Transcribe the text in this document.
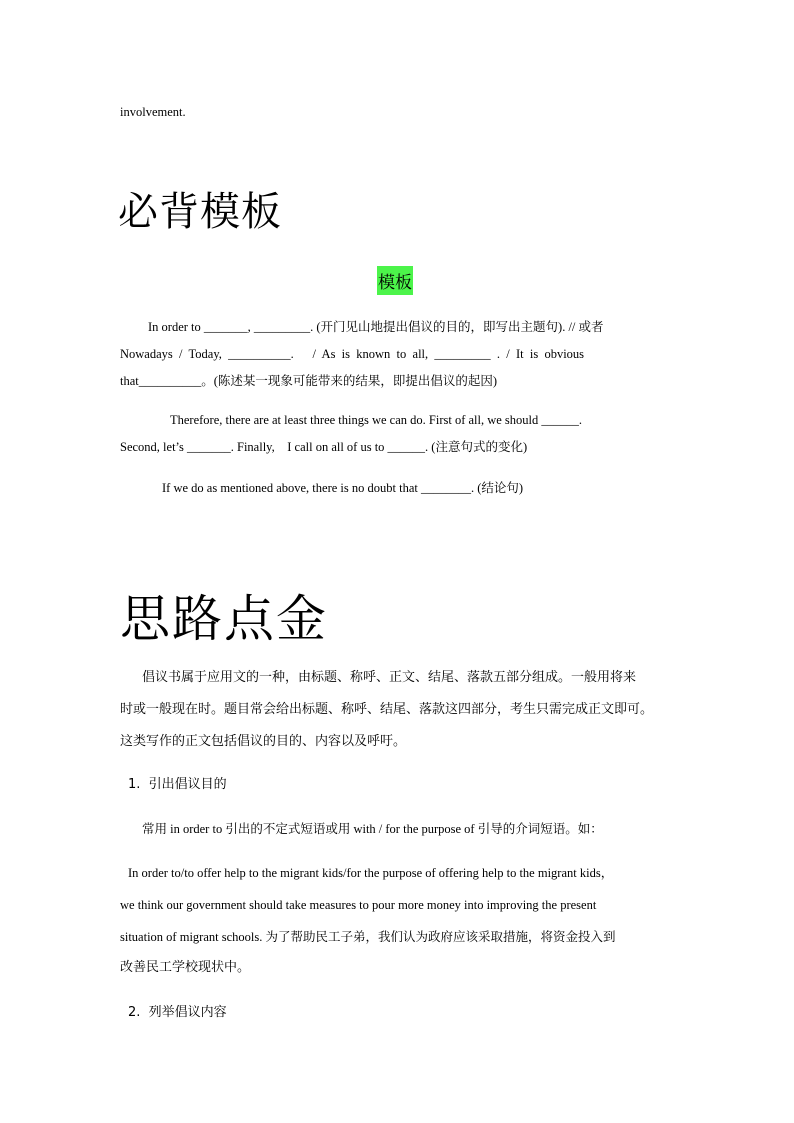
involvement.

必背模板
模板

In order to _______, _________. (开门见山地提出倡议的目的，即写出主题句). // 或者

Nowadays  /  Today,  __________.      /  As  is  known  to  all,  _________  .  /  It  is  obvious

that__________。(陈述某一现象可能带来的结果，即提出倡议的起因)

Therefore, there are at least three things we can do. First of all, we should ______.

Second, let’s _______. Finally,    I call on all of us to ______. (注意句式的变化)

If we do as mentioned above, there is no doubt that ________. (结论句)

思路点金

倡议书属于应用文的一种，由标题、称呼、正文、结尾、落款五部分组成。一般用将来

时或一般现在时。题目常会给出标题、称呼、结尾、落款这四部分，考生只需完成正文即可。

这类写作的正文包括倡议的目的、内容以及呼吁。

1.  引出倡议目的

常用 in order to 引出的不定式短语或用 with / for the purpose of 引导的介词短语。如：

In order to/to offer help to the migrant kids/for the purpose of offering help to the migrant kids，

we think our government should take measures to pour more money into improving the present

situation of migrant schools. 为了帮助民工子弟，我们认为政府应该采取措施，将资金投入到

改善民工学校现状中。

2.  列举倡议内容
